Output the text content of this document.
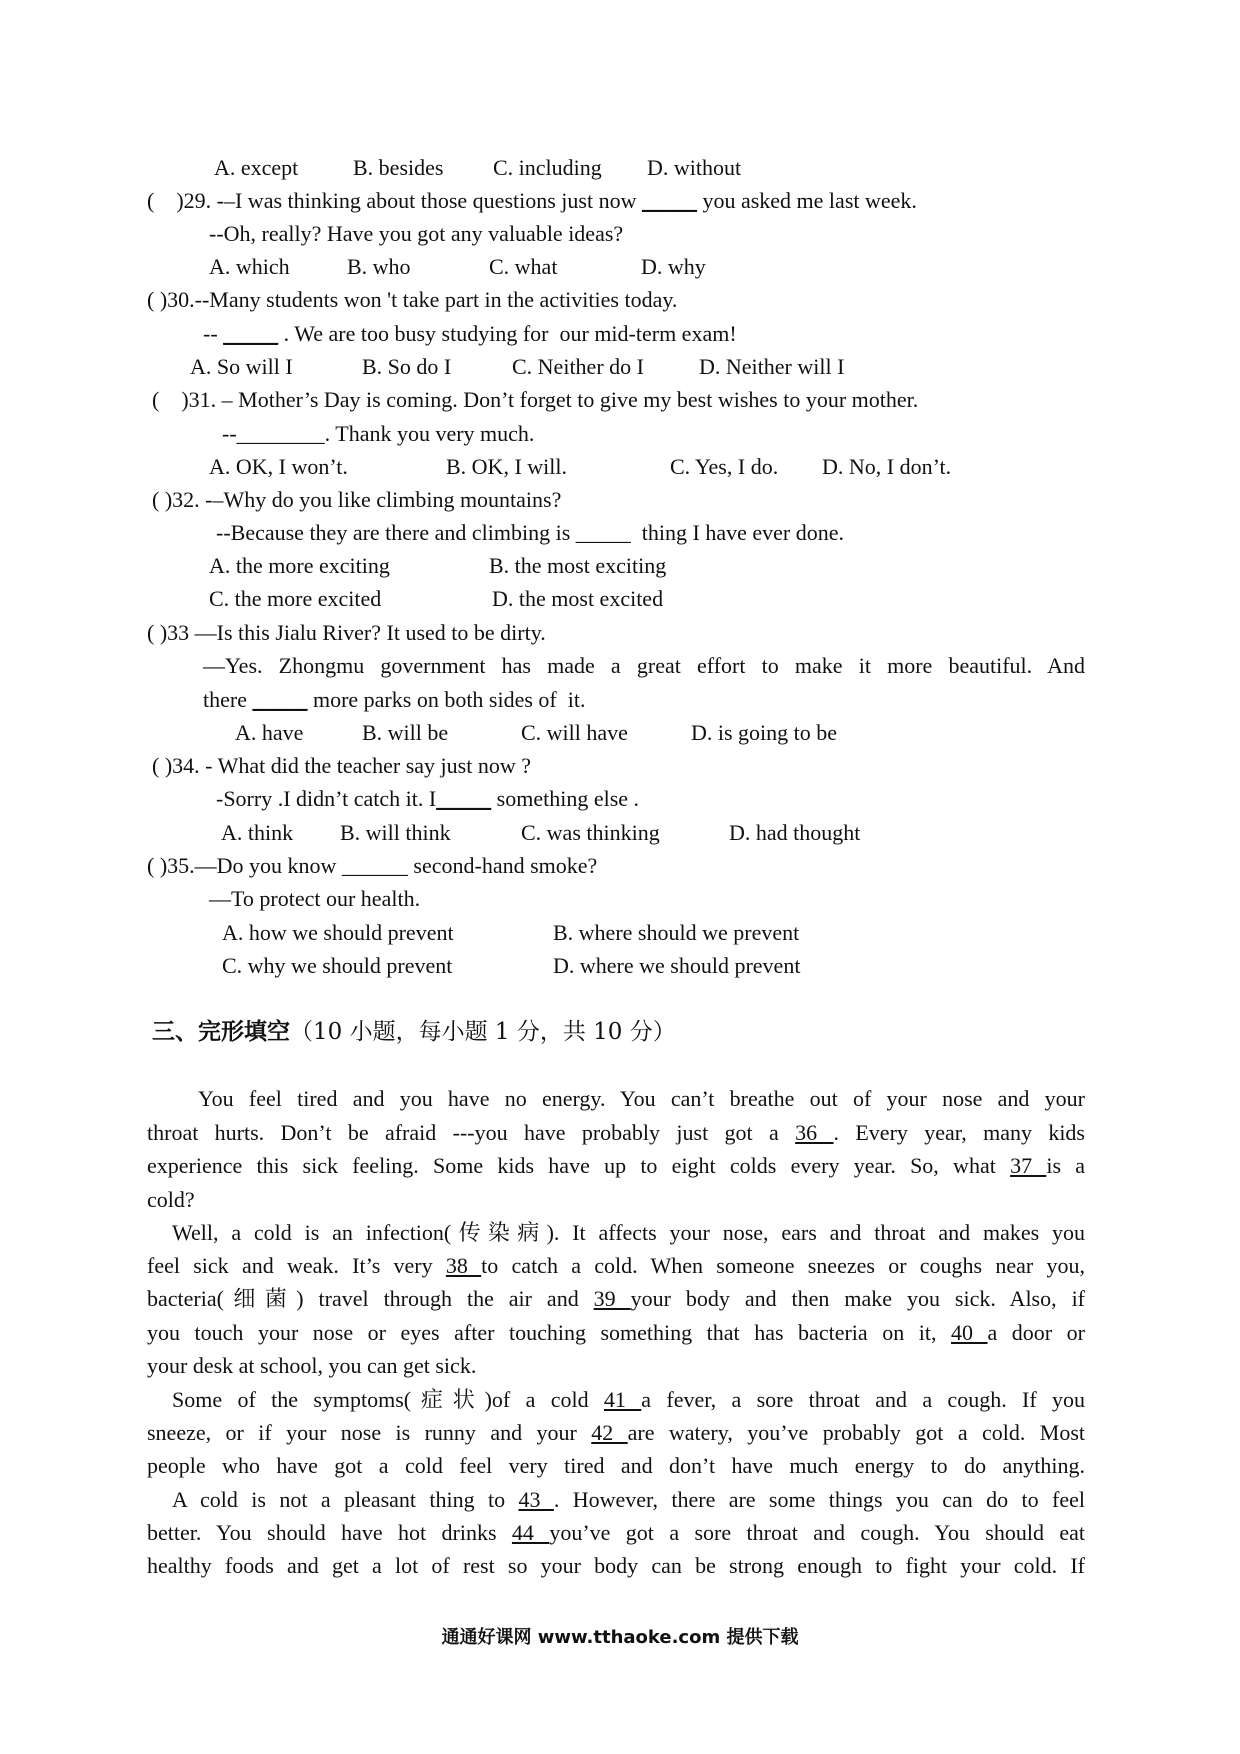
A. except B. besides C. including D. without
( )29. -–I was thinking about those questions just now _____ you asked me last week.
--Oh, really? Have you got any valuable ideas?
A. which	B. who	C. what	D. why
( )30.--Many students won 't take part in the activities today.
-- _____ . We are too busy studying for  our mid-term exam!
A. So will I	B. So do I	C. Neither do I	D. Neither will I
( )31. – Mother’s Day is coming. Don’t forget to give my best wishes to your mother.
--________. Thank you very much.
A. OK, I won’t.	B. OK, I will.	C. Yes, I do. D. No, I don’t.
( )32. -–Why do you like climbing mountains?
--Because they are there and climbing is _____  thing I have ever done.
A. the more exciting	B. the most exciting
C. the more excited	D. the most excited
( )33 —Is this Jialu River? It used to be dirty.
—Yes. Zhongmu government has made a great effort to make it more beautiful. And
there _____ more parks on both sides of  it.
A. have	B. will be	C. will have	D. is going to be
( )34. - What did the teacher say just now ?
-Sorry .I didn’t catch it. I_____ something else .
A. think B. will think	C. was thinking	D. had thought
( )35.—Do you know ______ second-hand smoke?
—To protect our health.
A. how we should prevent	B. where should we prevent
C. why we should prevent	D. where we should prevent
三、完形填空（10 小题，每小题 1 分，共 10 分）
You feel tired and you have no energy. You can’t breathe out of your nose and your
throat hurts. Don’t be afraid ---you have probably just got a 36 . Every year, many kids
experience this sick feeling. Some kids have up to eight colds every year. So, what 37 is a
cold?
Well, a cold is an infection(传染病). It affects your nose, ears and throat and makes you
feel sick and weak. It’s very 38 to catch a cold. When someone sneezes or coughs near you,
bacteria(细菌) travel through the air and 39 your body and then make you sick. Also, if
you touch your nose or eyes after touching something that has bacteria on it, 40 a door or
your desk at school, you can get sick.
Some of the symptoms(症状)of a cold 41 a fever, a sore throat and a cough. If you
sneeze, or if your nose is runny and your 42 are watery, you’ve probably got a cold. Most
people who have got a cold feel very tired and don’t have much energy to do anything.
A cold is not a pleasant thing to 43 . However, there are some things you can do to feel
better. You should have hot drinks 44 you’ve got a sore throat and cough. You should eat
healthy foods and get a lot of rest so your body can be strong enough to fight your cold. If
通通好课网 www.tthaoke.com 提供下载
